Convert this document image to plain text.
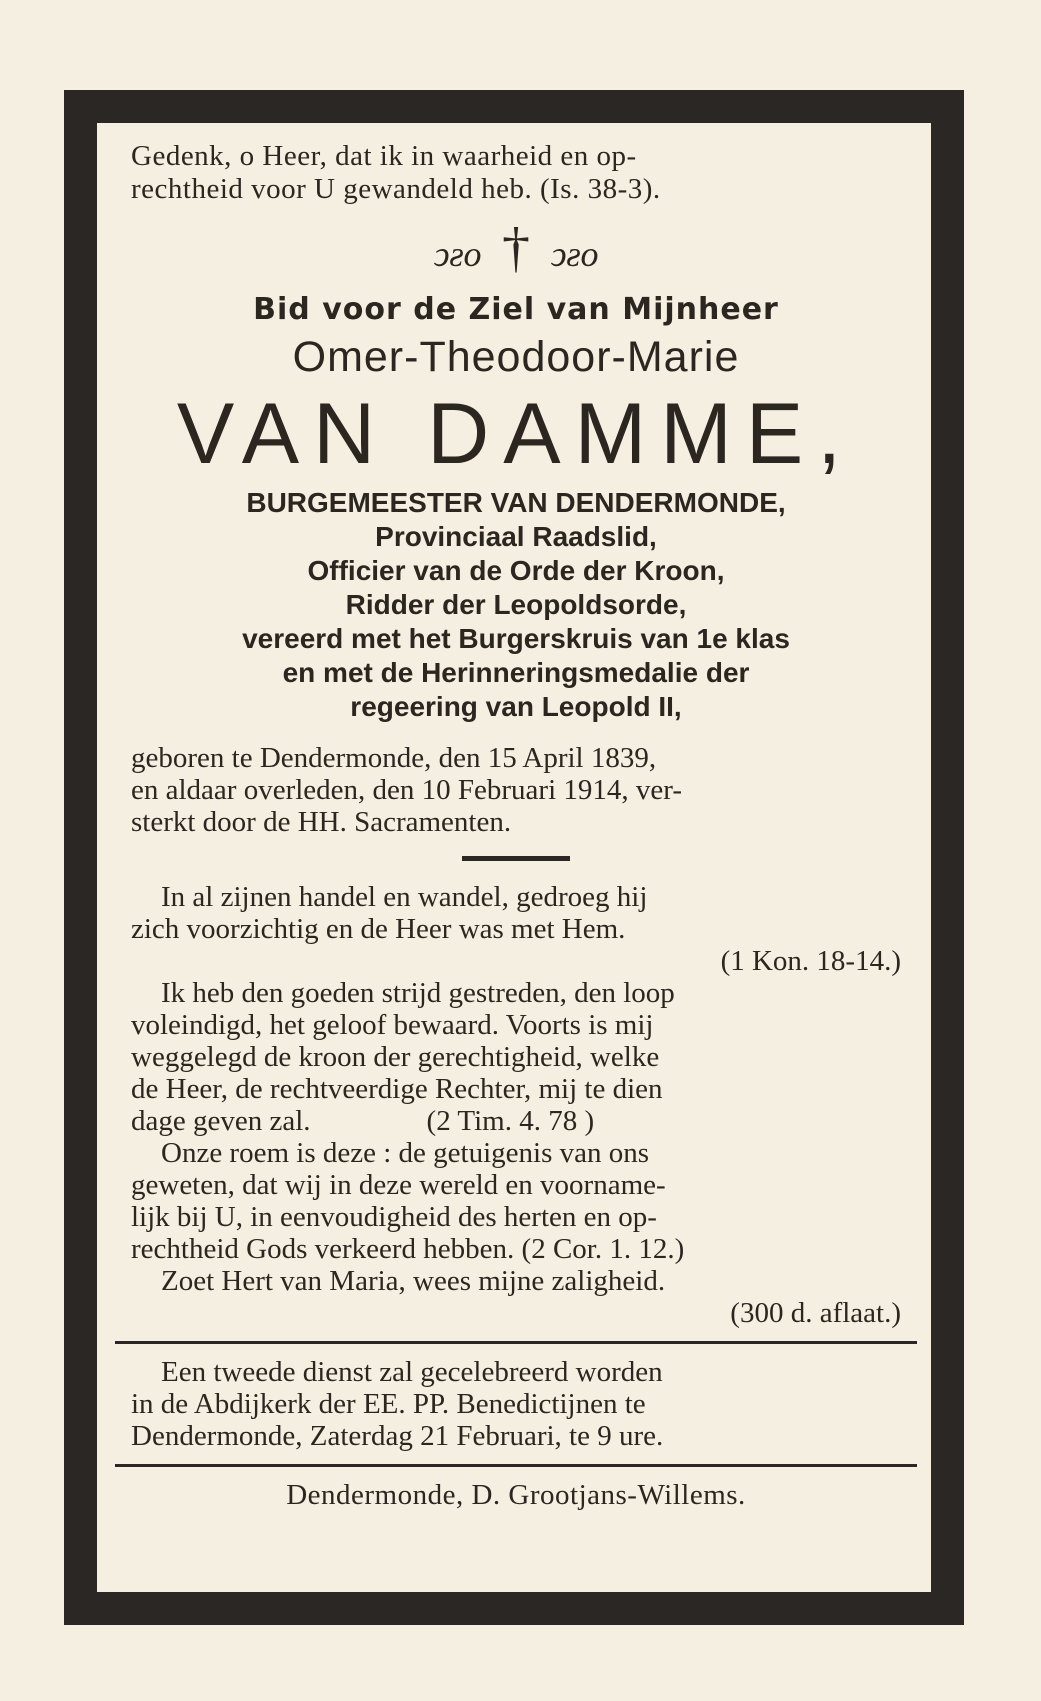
Gedenk, o Heer, dat ik in waarheid en op-
rechtheid voor U gewandeld heb. (Is. 38-3).
ↄƨo † ↄƨo
Bid voor de Ziel van Mijnheer
Omer-Theodoor-Marie
VAN DAMME,
BURGEMEESTER VAN DENDERMONDE,
Provinciaal Raadslid,
Officier van de Orde der Kroon,
Ridder der Leopoldsorde,
vereerd met het Burgerskruis van 1e klas
en met de Herinneringsmedalie der
regeering van Leopold II,
geboren te Dendermonde, den 15 April 1839,
en aldaar overleden, den 10 Februari 1914, ver-
sterkt door de HH. Sacramenten.
In al zijnen handel en wandel, gedroeg hij
zich voorzichtig en de Heer was met Hem.
(1 Kon. 18-14.)
Ik heb den goeden strijd gestreden, den loop
voleindigd, het geloof bewaard. Voorts is mij
weggelegd de kroon der gerechtigheid, welke
de Heer, de rechtveerdige Rechter, mij te dien
dage geven zal.                (2 Tim. 4. 78 )
Onze roem is deze : de getuigenis van ons
geweten, dat wij in deze wereld en voorname-
lijk bij U, in eenvoudigheid des herten en op-
rechtheid Gods verkeerd hebben. (2 Cor. 1. 12.)
Zoet Hert van Maria, wees mijne zaligheid.
(300 d. aflaat.)
Een tweede dienst zal gecelebreerd worden
in de Abdijkerk der EE. PP. Benedictijnen te
Dendermonde, Zaterdag 21 Februari, te 9 ure.
Dendermonde, D. Grootjans-Willems.
